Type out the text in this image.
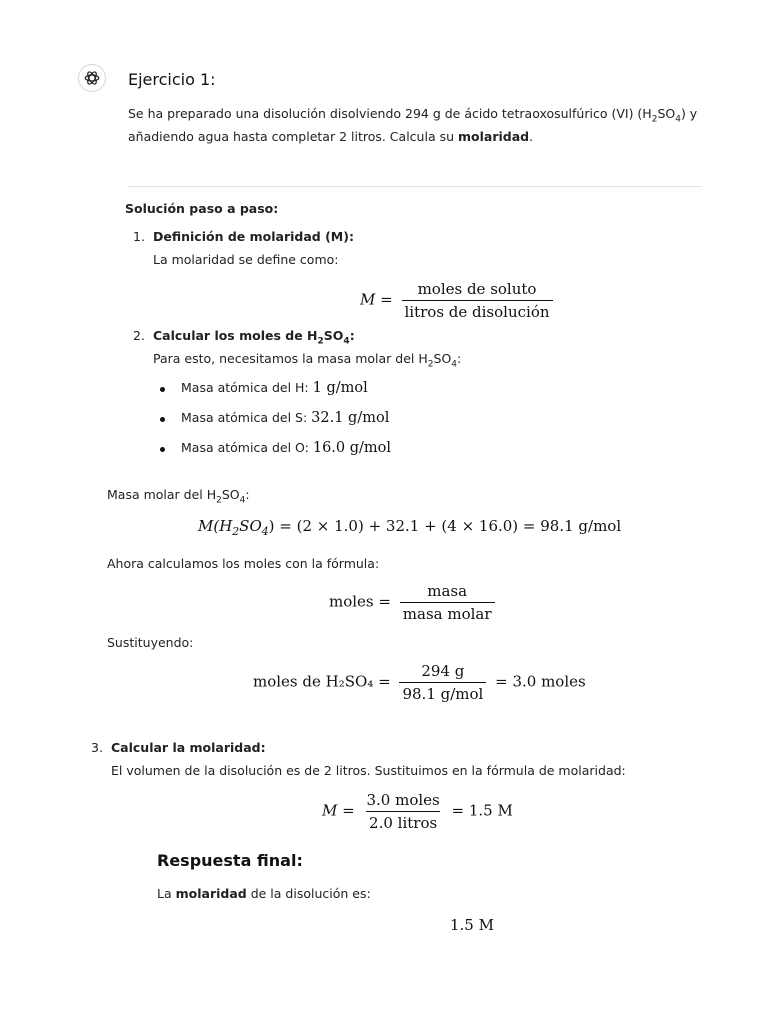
Ejercicio 1:
Se ha preparado una disolución disolviendo 294 g de ácido tetraoxosulfúrico (VI) $(H_2SO_4)$ y añadiendo agua hasta completar 2 litros. Calcula su molaridad.
Solución paso a paso:
1. Definición de molaridad (M):
La molaridad se define como:
$M = \frac{\text{moles de soluto}}{\text{litros de disolución}}$
2. Calcular los moles de $H_2SO_4$:
Para esto, necesitamos la masa molar del $H_2SO_4$:
Masa atómica del H: 1 g/mol
Masa atómica del S: 32.1 g/mol
Masa atómica del O: 16.0 g/mol
Masa molar del $H_2SO_4$:
$M(H_2SO_4) = (2 \times 1.0) + 32.1 + (4 \times 16.0) = 98.1$ g/mol
Ahora calculamos los moles con la fórmula:
moles = $\frac{\text{masa}}{\text{masa molar}}$
Sustituyendo:
moles de $H_2SO_4 = \frac{294 g}{\text{98.1 g/mol}} = 3.0$ moles
3. Calcular la molaridad:
El volumen de la disolución es de 2 litros. Sustituimos en la fórmula de molaridad:
$M = \frac{\text{3.0 moles}}{\text{2.0 litros}} = 1.5$ M
Respuesta final:
La molaridad de la disolución es:
1.5 M
